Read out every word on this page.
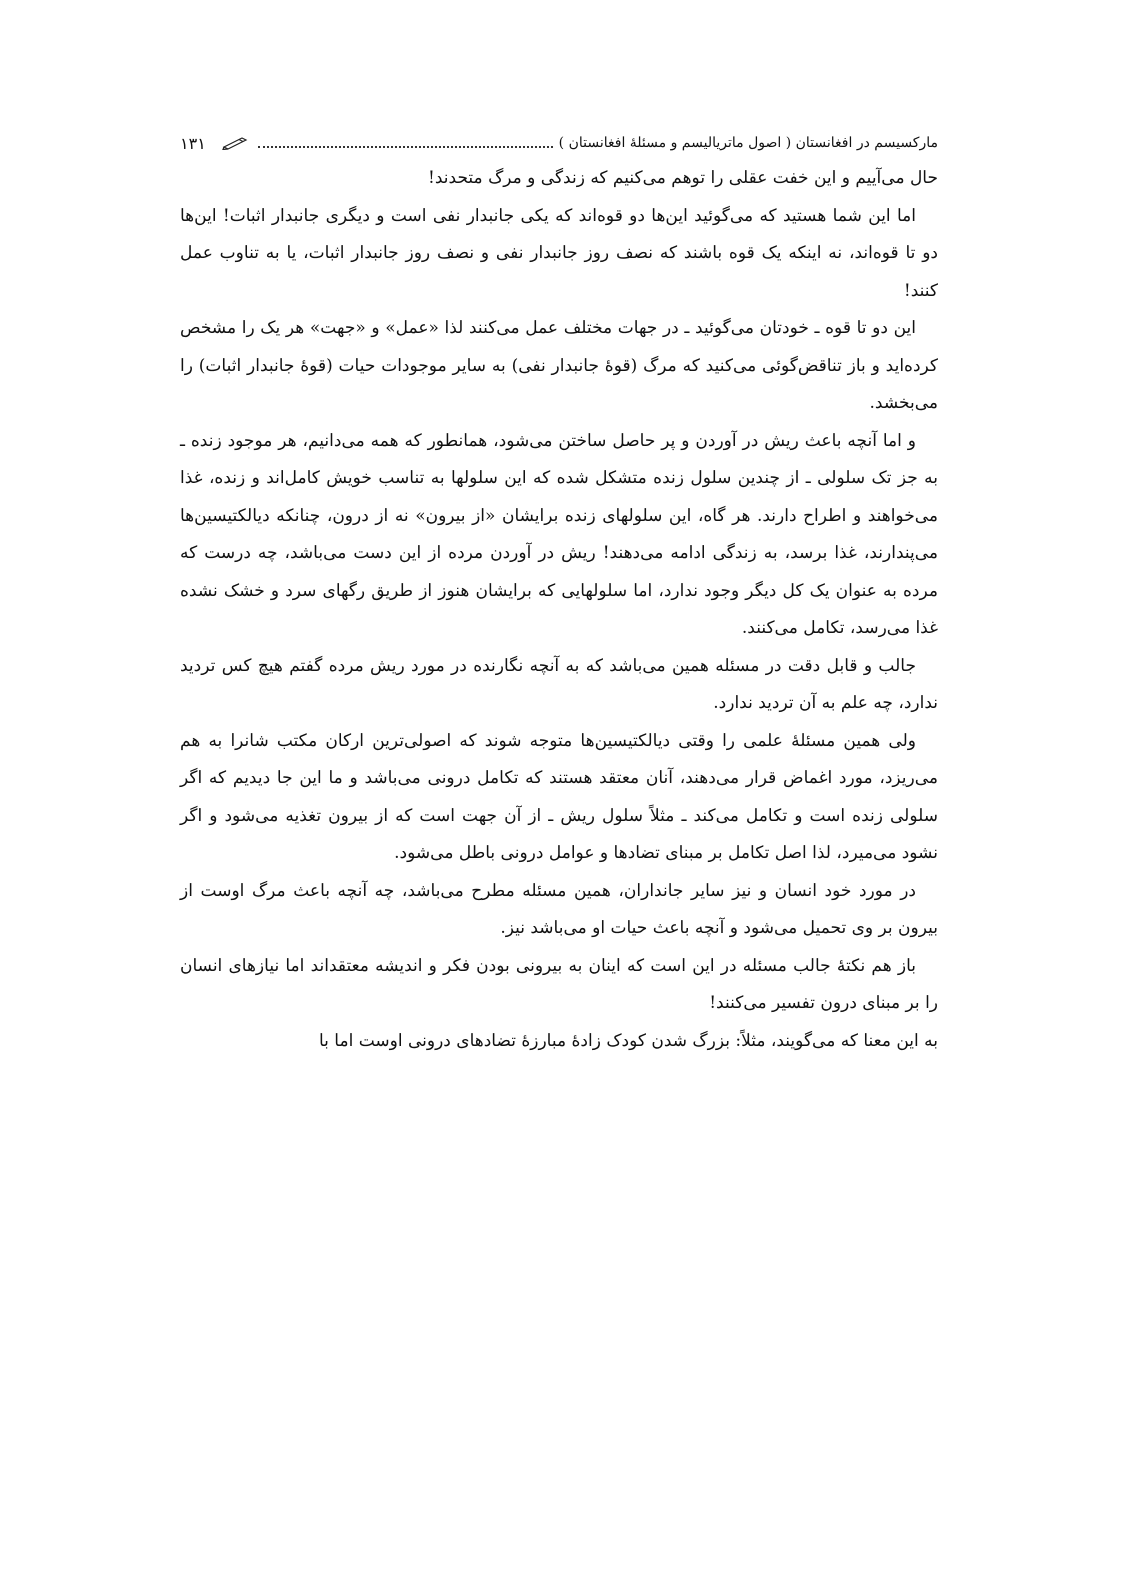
مارکسیسم در افغانستان ( اصول ماتریالیسم و مسئلهٔ افغانستان )
۱۳۱

حال می‌آییم و این خفت عقلی را توهم می‌کنیم که زندگی و مرگ متحدند!

اما این شما هستید که می‌گوئید این‌ها دو قوه‌اند که یکی جانبدار نفی است و دیگری جانبدار اثبات! این‌ها دو تا قوه‌اند، نه اینکه یک قوه باشند که نصف روز جانبدار نفی و نصف روز جانبدار اثبات، یا به تناوب عمل کنند!

این دو تا قوه ـ خودتان می‌گوئید ـ در جهات مختلف عمل می‌کنند لذا «عمل» و «جهت» هر یک را مشخص کرده‌اید و باز تناقض‌گوئی می‌کنید که مرگ (قوهٔ جانبدار نفی) به سایر موجودات حیات (قوهٔ جانبدار اثبات) را می‌بخشد.

و اما آنچه باعث ریش در آوردن و پر حاصل ساختن می‌شود، همانطور که همه می‌دانیم، هر موجود زنده ـ به جز تک سلولی ـ از چندین سلول زنده متشکل شده که این سلولها به تناسب خویش کامل‌اند و زنده، غذا می‌خواهند و اطراح دارند. هر گاه، این سلولهای زنده برایشان «از بیرون» نه از درون، چنانکه دیالکتیسین‌ها می‌پندارند، غذا برسد، به زندگی ادامه می‌دهند! ریش در آوردن مرده از این دست می‌باشد، چه درست که مرده به عنوان یک کل دیگر وجود ندارد، اما سلولهایی که برایشان هنوز از طریق رگهای سرد و خشک نشده غذا می‌رسد، تکامل می‌کنند.

جالب و قابل دقت در مسئله همین می‌باشد که به آنچه نگارنده در مورد ریش مرده گفتم هیچ کس تردید ندارد، چه علم به آن تردید ندارد.

ولی همین مسئلهٔ علمی را وقتی دیالکتیسین‌ها متوجه شوند که اصولی‌ترین ارکان مکتب شانرا به هم می‌ریزد، مورد اغماض قرار می‌دهند، آنان معتقد هستند که تکامل درونی می‌باشد و ما این جا دیدیم که اگر سلولی زنده است و تکامل می‌کند ـ مثلاً سلول ریش ـ از آن جهت است که از بیرون تغذیه می‌شود و اگر نشود می‌میرد، لذا اصل تکامل بر مبنای تضادها و عوامل درونی باطل می‌شود.

در مورد خود انسان و نیز سایر جانداران، همین مسئله مطرح می‌باشد، چه آنچه باعث مرگ اوست از بیرون بر وی تحمیل می‌شود و آنچه باعث حیات او می‌باشد نیز.

باز هم نکتهٔ جالب مسئله در این است که اینان به بیرونی بودن فکر و اندیشه معتقداند اما نیازهای انسان را بر مبنای درون تفسیر می‌کنند!

به این معنا که می‌گویند، مثلاً: بزرگ شدن کودک زادهٔ مبارزهٔ تضادهای درونی اوست اما با
